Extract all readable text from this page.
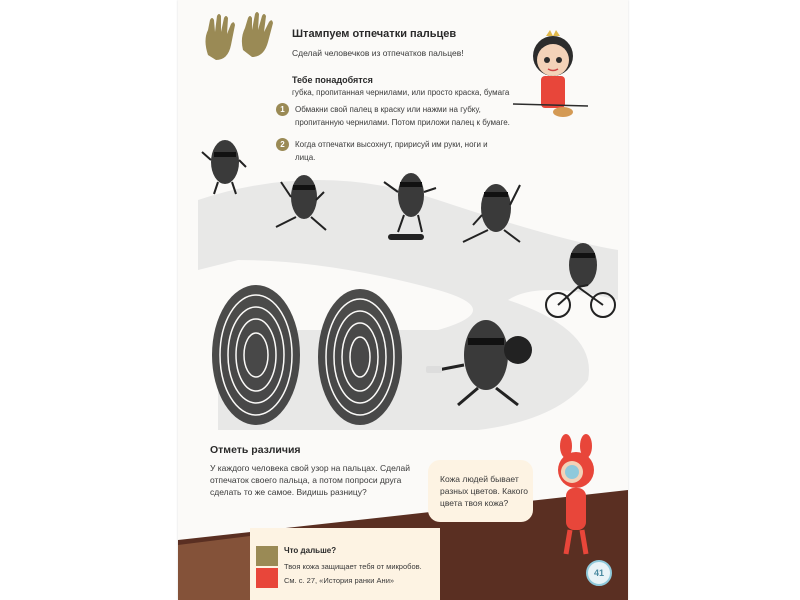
Штампуем отпечатки пальцев

Сделай человечков из отпечатков пальцев!

Тебе понадобятся

губка, пропитанная чернилами, или просто краска, бумага

1	Обмакни свой палец в краску или нажми на губку, пропитанную чернилами. Потом приложи палец к бумаге.
2	Когда отпечатки высохнут, пририсуй им руки, ноги и лица.
Отметь различия

У каждого человека свой узор на пальцах. Сделай отпечаток своего пальца, а потом попроси друга сделать то же самое. Видишь разницу?

Кожа людей бывает разных цветов. Какого цвета твоя кожа?

Что дальше?

Твоя кожа защищает тебя от микробов.

См. с. 27, «История ранки Ани»

41
